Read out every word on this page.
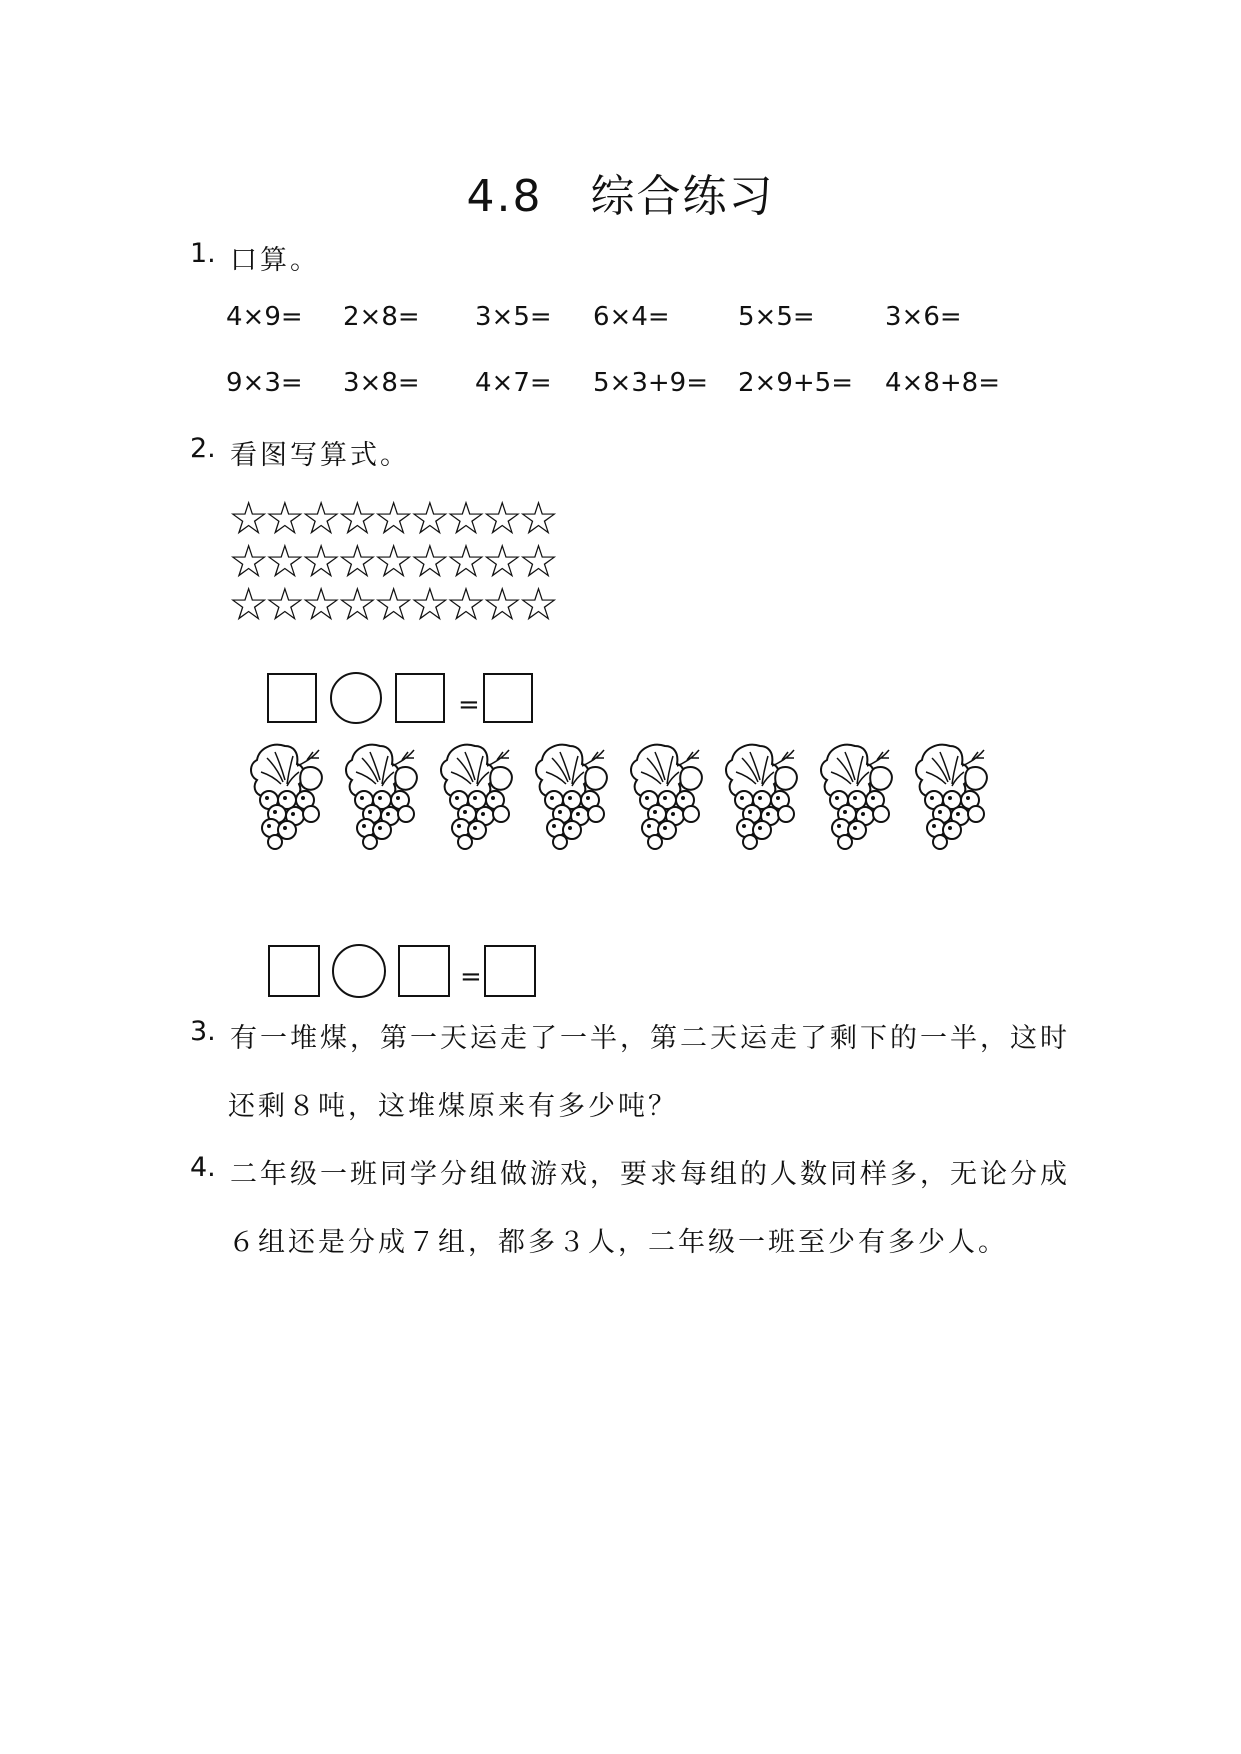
4.8 综合练习
1. 口算。
4×9= 2×8= 3×5= 6×4=	5×5=	3×6=
9×3= 3×8= 4×7= 5×3+9= 2×9+5= 4×8+8=
2. 看图写算式。
☆☆☆☆☆☆☆☆☆
☆☆☆☆☆☆☆☆☆
☆☆☆☆☆☆☆☆☆
=
=
3. 有一堆煤，第一天运走了一半，第二天运走了剩下的一半，这时
还剩８吨，这堆煤原来有多少吨？
4. 二年级一班同学分组做游戏，要求每组的人数同样多，无论分成
６组还是分成７组，都多３人，二年级一班至少有多少人。
